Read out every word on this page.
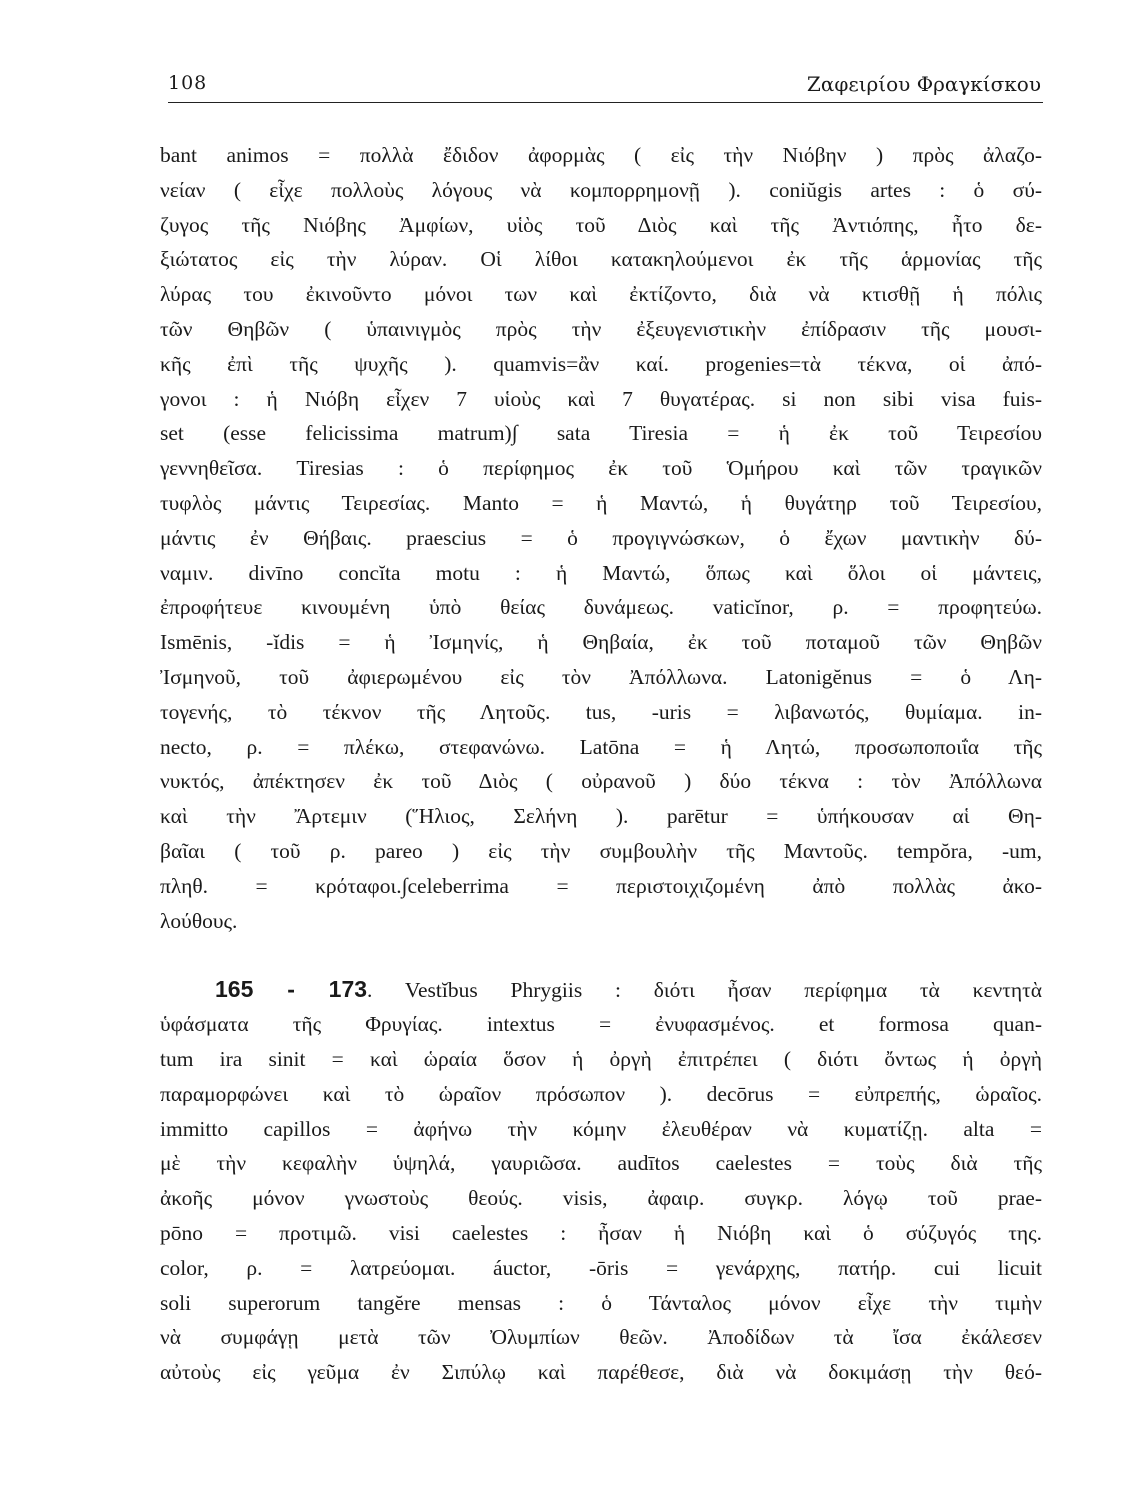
108	Ζαφειρίου Φραγκίσκου
bant animos = πολλὰ ἔδιδον ἀφορμὰς ( εἰς τὴν Νιόβην ) πρὸς ἀλαζο-
νείαν ( εἶχε πολλοὺς λόγους νὰ κομπορρημονῇ ). coniŭgis artes : ὁ σύ-
ζυγος τῆς Νιόβης Ἀμφίων, υἱὸς τοῦ Διὸς καὶ τῆς Ἀντιόπης, ἦτο δε-
ξιώτατος εἰς τὴν λύραν. Οἱ λίθοι κατακηλούμενοι ἐκ τῆς ἁρμονίας τῆς
λύρας του ἐκινοῦντο μόνοι των καὶ ἐκτίζοντο, διὰ νὰ κτισθῇ ἡ πόλις
τῶν Θηβῶν ( ὑπαινιγμὸς πρὸς τὴν ἐξευγενιστικὴν ἐπίδρασιν τῆς μουσι-
κῆς ἐπὶ τῆς ψυχῆς ). quamvis=ἂν καί. progenies=τὰ τέκνα, οἱ ἀπό-
γονοι : ἡ Νιόβη εἶχεν 7 υἱοὺς καὶ 7 θυγατέρας. si non sibi visa fuis-
set (esse felicissima matrum)∫ sata Tiresia = ἡ ἐκ τοῦ Τειρεσίου
γεννηθεῖσα. Tiresias : ὁ περίφημος ἐκ τοῦ Ὁμήρου καὶ τῶν τραγικῶν
τυφλὸς μάντις Τειρεσίας. Manto = ἡ Μαντώ, ἡ θυγάτηρ τοῦ Τειρεσίου,
μάντις ἐν Θήβαις. praescius = ὁ προγιγνώσκων, ὁ ἔχων μαντικὴν δύ-
ναμιν. divīno concĭta motu : ἡ Μαντώ, ὅπως καὶ ὅλοι οἱ μάντεις,
ἐπροφήτευε κινουμένη ὑπὸ θείας δυνάμεως. vaticĭnor, ρ. = προφητεύω.
Ismēnis, -ĭdis = ἡ Ἰσμηνίς, ἡ Θηβαία, ἐκ τοῦ ποταμοῦ τῶν Θηβῶν
Ἰσμηνοῦ, τοῦ ἀφιερωμένου εἰς τὸν Ἀπόλλωνα. Latonigĕnus = ὁ Λη-
τογενής, τὸ τέκνον τῆς Λητοῦς. tus, -uris = λιβανωτός, θυμίαμα. in-
necto, ρ. = πλέκω, στεφανώνω. Latōna = ἡ Λητώ, προσωποποιΐα τῆς
νυκτός, ἀπέκτησεν ἐκ τοῦ Διὸς ( οὐρανοῦ ) δύο τέκνα : τὸν Ἀπόλλωνα
καὶ τὴν Ἄρτεμιν (Ἥλιος, Σελήνη ). parētur = ὑπήκουσαν αἱ Θη-
βαῖαι ( τοῦ ρ. pareo ) εἰς τὴν συμβουλὴν τῆς Μαντοῦς. tempŏra, -um,
πληθ. = κρόταφοι.∫celeberrima = περιστοιχιζομένη ἀπὸ πολλὰς ἀκο-
λούθους.
165 - 173. Vestĭbus Phrygiis : διότι ἦσαν περίφημα τὰ κεντητὰ
ὑφάσματα τῆς Φρυγίας. intextus = ἐνυφασμένος. et formosa quan-
tum ira sinit = καὶ ὡραία ὅσον ἡ ὀργὴ ἐπιτρέπει ( διότι ὄντως ἡ ὀργὴ
παραμορφώνει καὶ τὸ ὡραῖον πρόσωπον ). decōrus = εὐπρεπής, ὡραῖος.
immitto capillos = ἀφήνω τὴν κόμην ἐλευθέραν νὰ κυματίζῃ. alta =
μὲ τὴν κεφαλὴν ὑψηλά, γαυριῶσα. audītos caelestes = τοὺς διὰ τῆς
ἀκοῆς μόνον γνωστοὺς θεούς. visis, ἀφαιρ. συγκρ. λόγῳ τοῦ prae-
pōno = προτιμῶ. visi caelestes : ἦσαν ἡ Νιόβη καὶ ὁ σύζυγός της.
color, ρ. = λατρεύομαι. áuctor, -ōris = γενάρχης, πατήρ. cui licuit
soli superorum tangĕre mensas : ὁ Τάνταλος μόνον εἶχε τὴν τιμὴν
νὰ συμφάγῃ μετὰ τῶν Ὀλυμπίων θεῶν. Ἀποδίδων τὰ ἴσα ἐκάλεσεν
αὐτοὺς εἰς γεῦμα ἐν Σιπύλῳ καὶ παρέθεσε, διὰ νὰ δοκιμάσῃ τὴν θεό-
